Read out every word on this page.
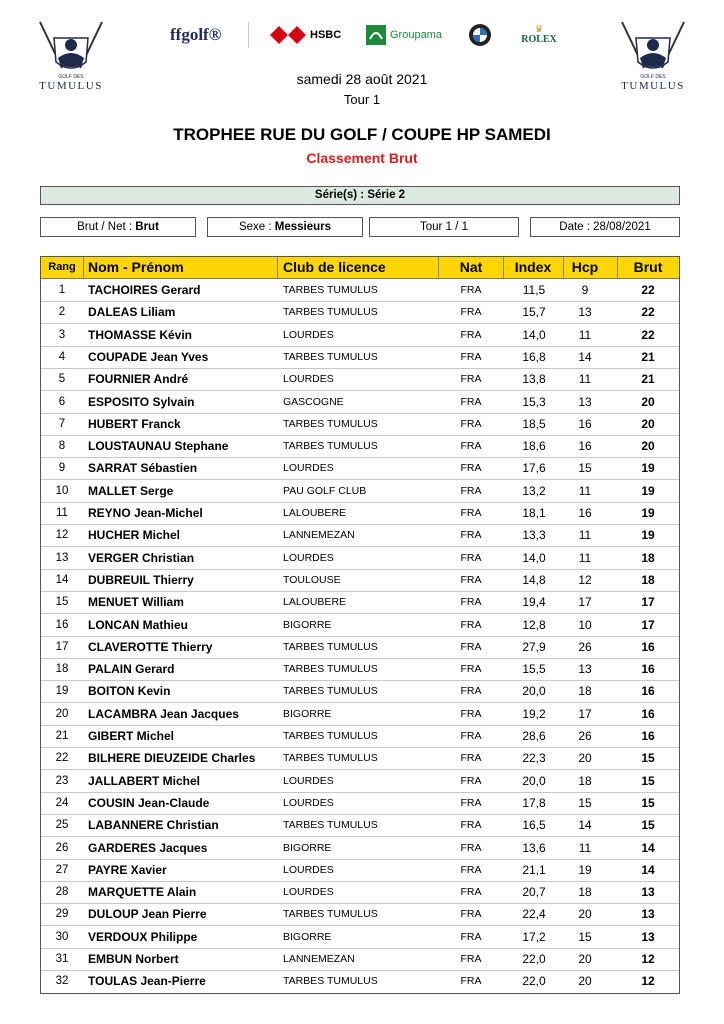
GOLF DES
TUMULUS
ffgolf®	HSBC	Groupama	♛
ROLEX
GOLF DES
TUMULUS
samedi 28 août 2021
Tour 1
TROPHEE RUE DU GOLF / COUPE HP SAMEDI
Classement Brut
Série(s) : Série 2
Brut / Net : Brut	Sexe : Messieurs	Tour 1 / 1	Date : 28/08/2021
Rang Nom - Prénom	Club de licence	Nat	Index	Hcp	Brut
1	TACHOIRES Gerard	TARBES TUMULUS	FRA	11,5	9	22
2	DALEAS Liliam	TARBES TUMULUS	FRA	15,7	13	22
3	THOMASSE Kévin	LOURDES	FRA	14,0	11	22
4	COUPADE Jean Yves	TARBES TUMULUS	FRA	16,8	14	21
5	FOURNIER André	LOURDES	FRA	13,8	11	21
6	ESPOSITO Sylvain	GASCOGNE	FRA	15,3	13	20
7	HUBERT Franck	TARBES TUMULUS	FRA	18,5	16	20
8	LOUSTAUNAU Stephane	TARBES TUMULUS	FRA	18,6	16	20
9	SARRAT Sébastien	LOURDES	FRA	17,6	15	19
10	MALLET Serge	PAU GOLF CLUB	FRA	13,2	11	19
11	REYNO Jean-Michel	LALOUBERE	FRA	18,1	16	19
12	HUCHER Michel	LANNEMEZAN	FRA	13,3	11	19
13	VERGER Christian	LOURDES	FRA	14,0	11	18
14	DUBREUIL Thierry	TOULOUSE	FRA	14,8	12	18
15	MENUET William	LALOUBERE	FRA	19,4	17	17
16	LONCAN Mathieu	BIGORRE	FRA	12,8	10	17
17	CLAVEROTTE Thierry	TARBES TUMULUS	FRA	27,9	26	16
18	PALAIN Gerard	TARBES TUMULUS	FRA	15,5	13	16
19	BOITON Kevin	TARBES TUMULUS	FRA	20,0	18	16
20	LACAMBRA Jean Jacques	BIGORRE	FRA	19,2	17	16
21	GIBERT Michel	TARBES TUMULUS	FRA	28,6	26	16
22	BILHERE DIEUZEIDE Charles	TARBES TUMULUS	FRA	22,3	20	15
23	JALLABERT Michel	LOURDES	FRA	20,0	18	15
24	COUSIN Jean-Claude	LOURDES	FRA	17,8	15	15
25	LABANNERE Christian	TARBES TUMULUS	FRA	16,5	14	15
26	GARDERES Jacques	BIGORRE	FRA	13,6	11	14
27	PAYRE Xavier	LOURDES	FRA	21,1	19	14
28	MARQUETTE Alain	LOURDES	FRA	20,7	18	13
29	DULOUP Jean Pierre	TARBES TUMULUS	FRA	22,4	20	13
30	VERDOUX Philippe	BIGORRE	FRA	17,2	15	13
31	EMBUN Norbert	LANNEMEZAN	FRA	22,0	20	12
32	TOULAS Jean-Pierre	TARBES TUMULUS	FRA	22,0	20	12
